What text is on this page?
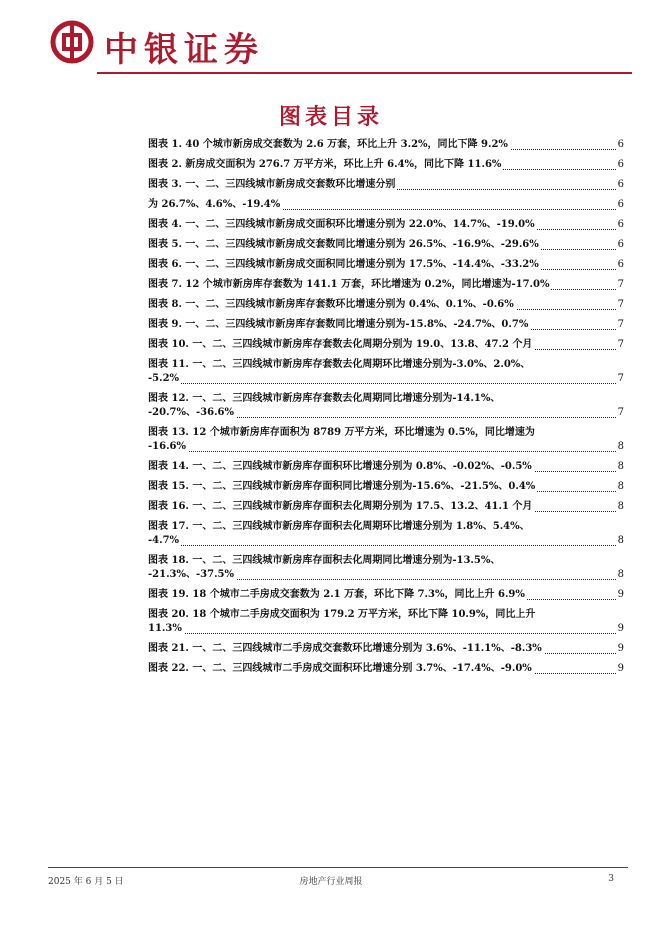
中银证券
图表目录
图表 1. 40 个城市新房成交套数为 2.6 万套，环比上升 3.2%，同比下降 9.2%	6
图表 2. 新房成交面积为 276.7 万平方米，环比上升 6.4%，同比下降 11.6%	6
图表 3. 一、二、三四线城市新房成交套数环比增速分别	6
为 26.7%、4.6%、-19.4%	6
图表 4. 一、二、三四线城市新房成交面积环比增速分别为 22.0%、14.7%、-19.0%	6
图表 5. 一、二、三四线城市新房成交套数同比增速分别为 26.5%、-16.9%、-29.6%	6
图表 6. 一、二、三四线城市新房成交面积同比增速分别为 17.5%、-14.4%、-33.2%	6
图表 7. 12 个城市新房库存套数为 141.1 万套，环比增速为 0.2%，同比增速为-17.0%	7
图表 8. 一、二、三四线城市新房库存套数环比增速分别为 0.4%、0.1%、-0.6%	7
图表 9. 一、二、三四线城市新房库存套数同比增速分别为-15.8%、-24.7%、0.7%	7
图表 10. 一、二、三四线城市新房库存套数去化周期分别为 19.0、13.8、47.2 个月	7
图表 11. 一、二、三四线城市新房库存套数去化周期环比增速分别为-3.0%、2.0%、
-5.2%	7
图表 12. 一、二、三四线城市新房库存套数去化周期同比增速分别为-14.1%、
-20.7%、-36.6%	7
图表 13. 12 个城市新房库存面积为 8789 万平方米，环比增速为 0.5%，同比增速为
-16.6%	8
图表 14. 一、二、三四线城市新房库存面积环比增速分别为 0.8%、-0.02%、-0.5%	8
图表 15. 一、二、三四线城市新房库存面积同比增速分别为-15.6%、-21.5%、0.4%	8
图表 16. 一、二、三四线城市新房库存面积去化周期分别为 17.5、13.2、41.1 个月	8
图表 17. 一、二、三四线城市新房库存面积去化周期环比增速分别为 1.8%、5.4%、
-4.7%	8
图表 18. 一、二、三四线城市新房库存面积去化周期同比增速分别为-13.5%、
-21.3%、-37.5%	8
图表 19. 18 个城市二手房成交套数为 2.1 万套，环比下降 7.3%，同比上升 6.9%	9
图表 20. 18 个城市二手房成交面积为 179.2 万平方米，环比下降 10.9%，同比上升
11.3%	9
图表 21. 一、二、三四线城市二手房成交套数环比增速分别为 3.6%、-11.1%、-8.3%	9
图表 22. 一、二、三四线城市二手房成交面积环比增速分别 3.7%、-17.4%、-9.0%	9
2025 年 6 月 5 日	房地产行业周报	3
